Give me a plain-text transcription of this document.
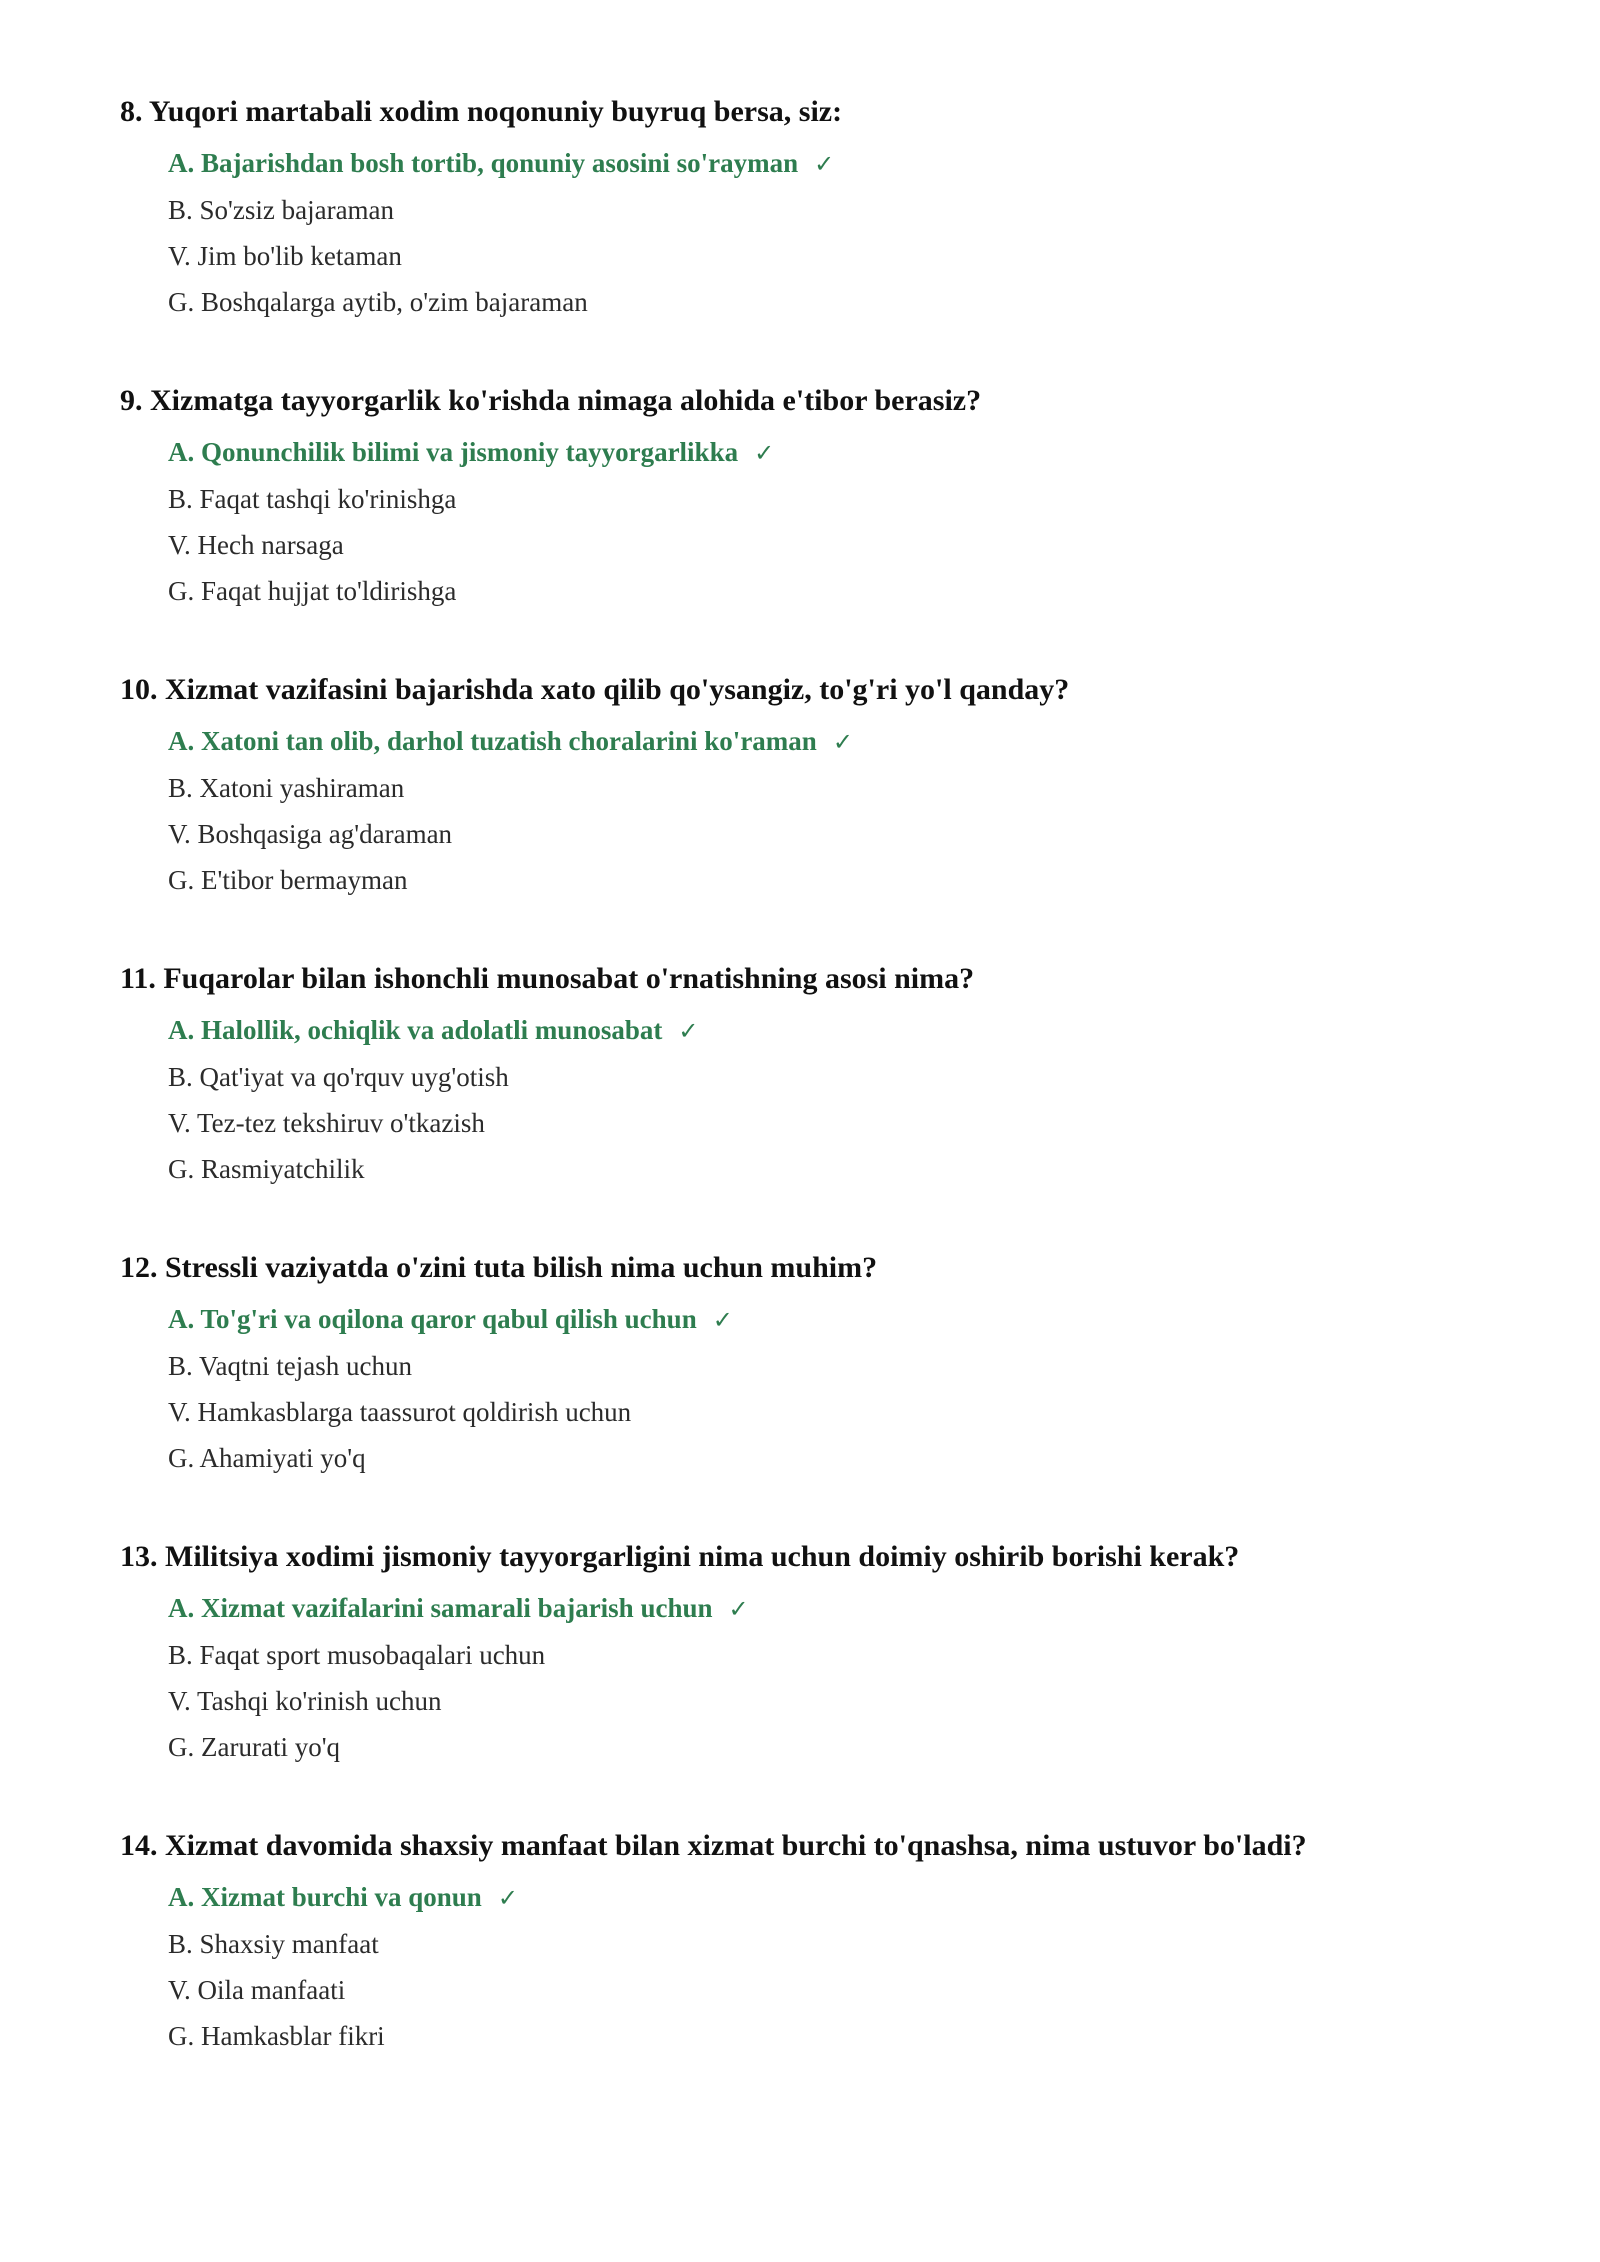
8. Yuqori martabali xodim noqonuniy buyruq bersa, siz:
A. Bajarishdan bosh tortib, qonuniy asosini so'rayman ✓
B. So'zsiz bajaraman
V. Jim bo'lib ketaman
G. Boshqalarga aytib, o'zim bajaraman
9. Xizmatga tayyorgarlik ko'rishda nimaga alohida e'tibor berasiz?
A. Qonunchilik bilimi va jismoniy tayyorgarlikka ✓
B. Faqat tashqi ko'rinishga
V. Hech narsaga
G. Faqat hujjat to'ldirishga
10. Xizmat vazifasini bajarishda xato qilib qo'ysangiz, to'g'ri yo'l qanday?
A. Xatoni tan olib, darhol tuzatish choralarini ko'raman ✓
B. Xatoni yashiraman
V. Boshqasiga ag'daraman
G. E'tibor bermayman
11. Fuqarolar bilan ishonchli munosabat o'rnatishning asosi nima?
A. Halollik, ochiqlik va adolatli munosabat ✓
B. Qat'iyat va qo'rquv uyg'otish
V. Tez-tez tekshiruv o'tkazish
G. Rasmiyatchilik
12. Stressli vaziyatda o'zini tuta bilish nima uchun muhim?
A. To'g'ri va oqilona qaror qabul qilish uchun ✓
B. Vaqtni tejash uchun
V. Hamkasblarga taassurot qoldirish uchun
G. Ahamiyati yo'q
13. Militsiya xodimi jismoniy tayyorgarligini nima uchun doimiy oshirib borishi kerak?
A. Xizmat vazifalarini samarali bajarish uchun ✓
B. Faqat sport musobaqalari uchun
V. Tashqi ko'rinish uchun
G. Zarurati yo'q
14. Xizmat davomida shaxsiy manfaat bilan xizmat burchi to'qnashsa, nima ustuvor bo'ladi?
A. Xizmat burchi va qonun ✓
B. Shaxsiy manfaat
V. Oila manfaati
G. Hamkasblar fikri
